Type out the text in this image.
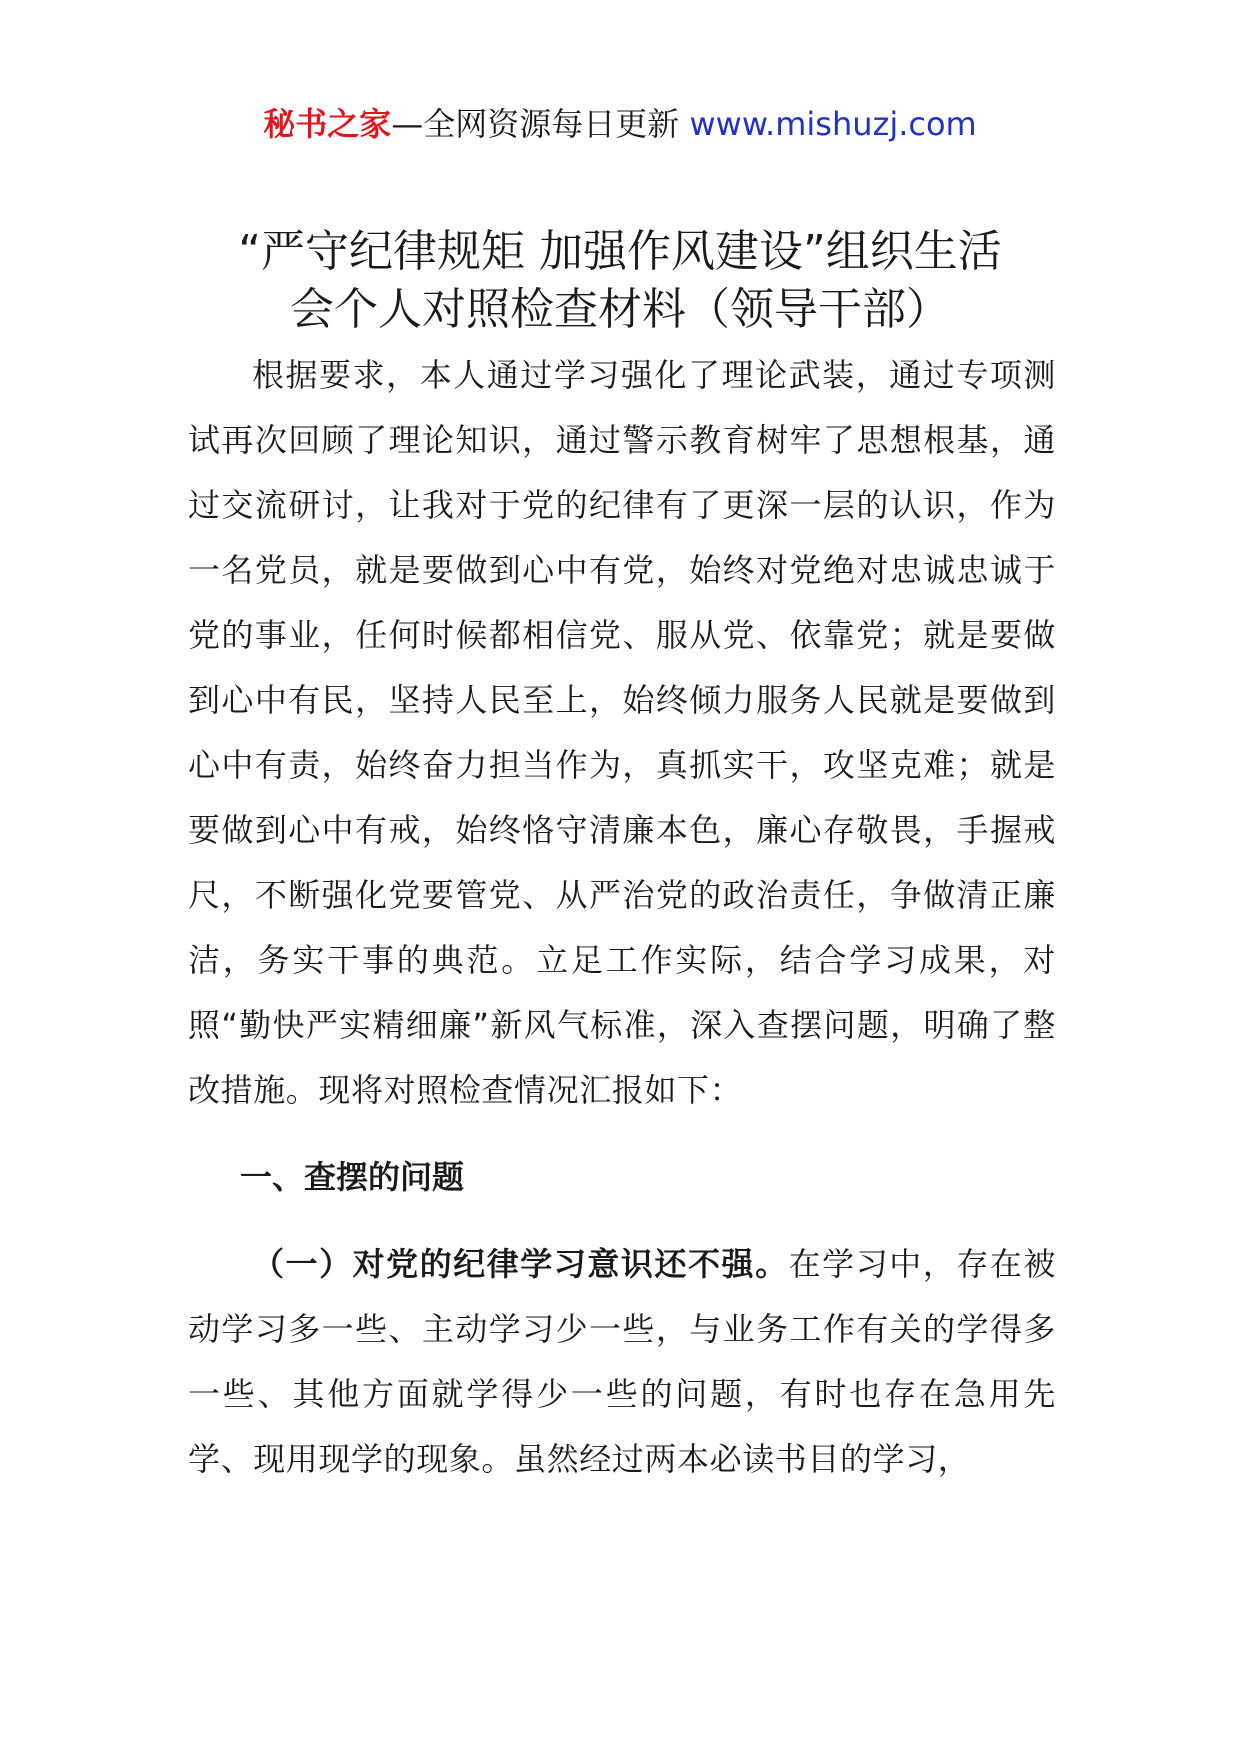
秘书之家—全网资源每日更新 www.mishuzj.com
“严守纪律规矩 加强作风建设”组织生活
会个人对照检查材料（领导干部）

根据要求，本人通过学习强化了理论武装，通过专项测试再次回顾了理论知识，通过警示教育树牢了思想根基，通过交流研讨，让我对于党的纪律有了更深一层的认识，作为一名党员，就是要做到心中有党，始终对党绝对忠诚忠诚于党的事业，任何时候都相信党、服从党、依靠党；就是要做到心中有民，坚持人民至上，始终倾力服务人民就是要做到心中有责，始终奋力担当作为，真抓实干，攻坚克难；就是要做到心中有戒，始终恪守清廉本色，廉心存敬畏，手握戒尺，不断强化党要管党、从严治党的政治责任，争做清正廉洁，务实干事的典范。立足工作实际，结合学习成果，对照“勤快严实精细廉”新风气标准，深入查摆问题，明确了整改措施。现将对照检查情况汇报如下：

一、查摆的问题

（一）对党的纪律学习意识还不强。在学习中，存在被动学习多一些、主动学习少一些，与业务工作有关的学得多一些、其他方面就学得少一些的问题，有时也存在急用先学、现用现学的现象。虽然经过两本必读书目的学习，
